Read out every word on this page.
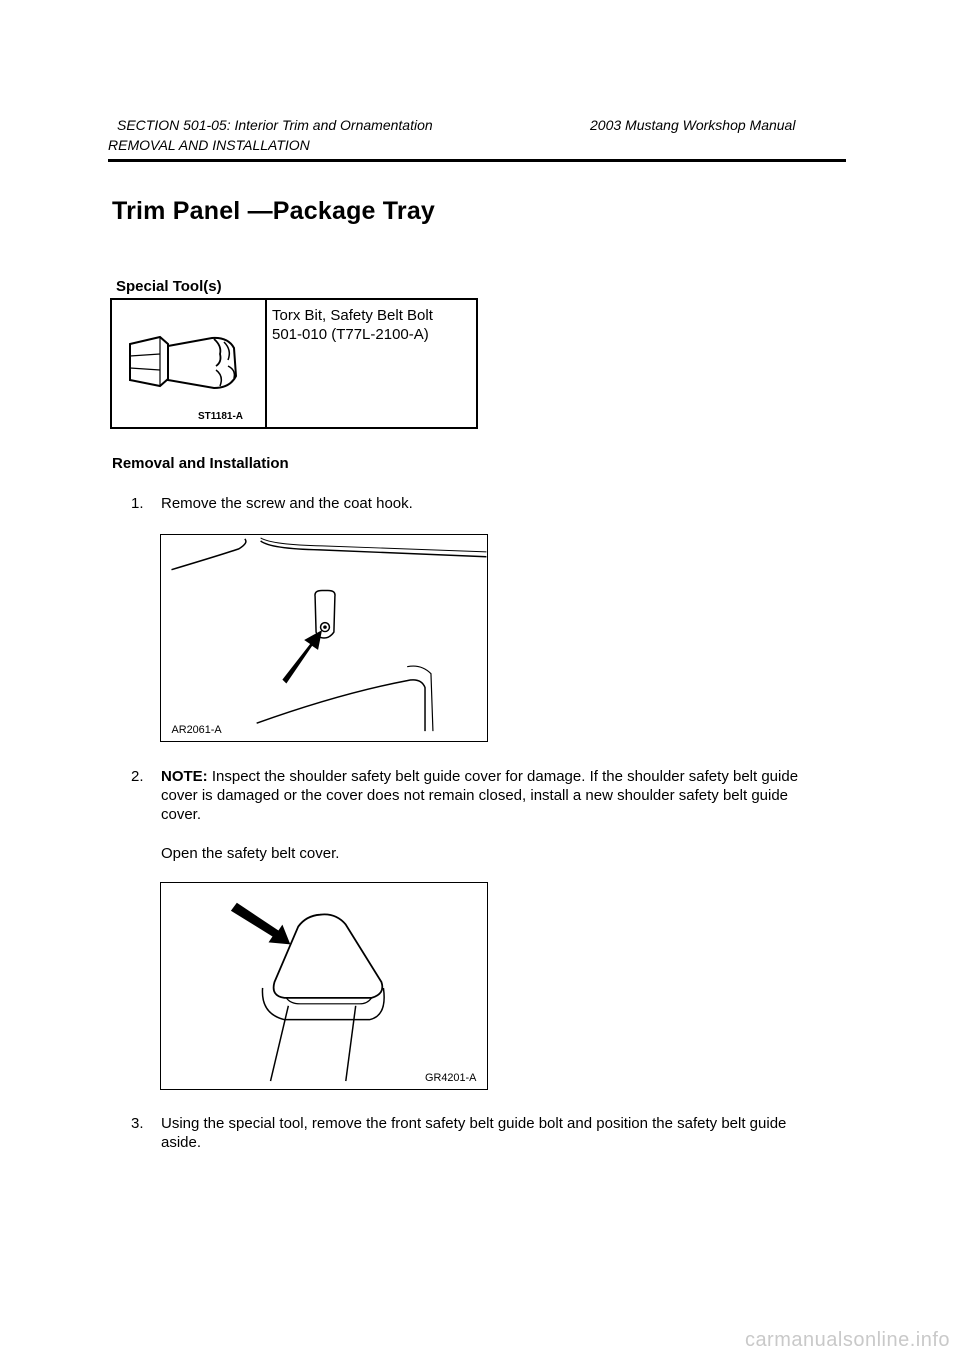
SECTION 501-05: Interior Trim and Ornamentation	2003 Mustang Workshop Manual
REMOVAL AND INSTALLATION
Trim Panel —Package Tray
Special Tool(s)
ST1181-A
Torx Bit, Safety Belt Bolt
501-010 (T77L-2100-A)
Removal and Installation
1. Remove the screw and the coat hook.
AR2061-A
2. NOTE: Inspect the shoulder safety belt guide cover for damage. If the shoulder safety belt guide
cover is damaged or the cover does not remain closed, install a new shoulder safety belt guide
cover.
Open the safety belt cover.
GR4201-A
3. Using the special tool, remove the front safety belt guide bolt and position the safety belt guide
aside.
carmanualsonline.info
